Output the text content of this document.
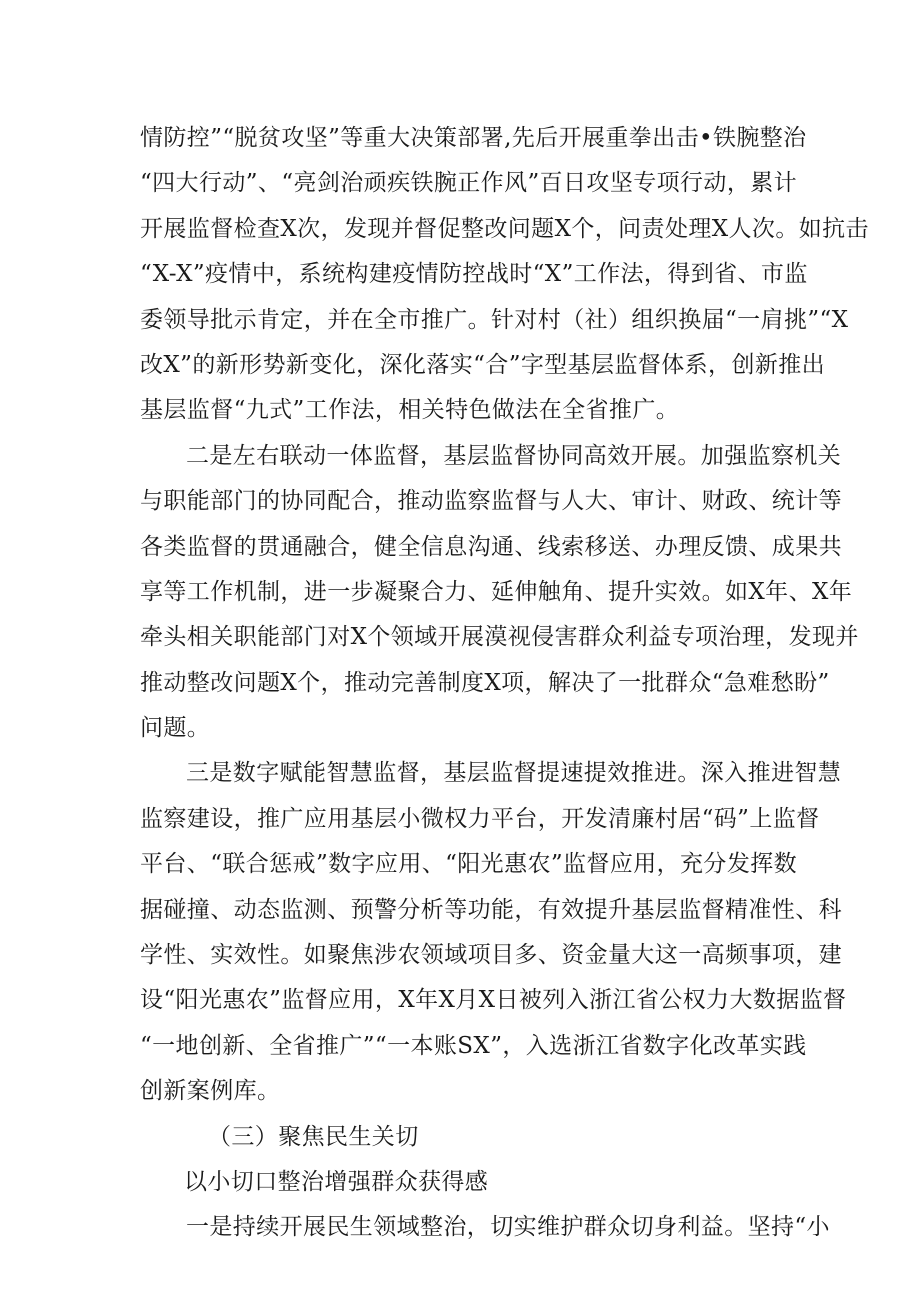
情防控”“脱贫攻坚”等重大决策部署,先后开展重拳出击•铁腕整治
“四大行动”、“亮剑治顽疾铁腕正作风”百日攻坚专项行动，累计
开展监督检查X次，发现并督促整改问题X个，问责处理X人次。如抗击
“X-X”疫情中，系统构建疫情防控战时“X”工作法，得到省、市监
委领导批示肯定，并在全市推广。针对村（社）组织换届“一肩挑”“X
改X”的新形势新变化，深化落实“合”字型基层监督体系，创新推出
基层监督“九式”工作法，相关特色做法在全省推广。
二是左右联动一体监督，基层监督协同高效开展。加强监察机关
与职能部门的协同配合，推动监察监督与人大、审计、财政、统计等
各类监督的贯通融合，健全信息沟通、线索移送、办理反馈、成果共
享等工作机制，进一步凝聚合力、延伸触角、提升实效。如X年、X年
牵头相关职能部门对X个领域开展漠视侵害群众利益专项治理，发现并
推动整改问题X个，推动完善制度X项，解决了一批群众“急难愁盼”
问题。
三是数字赋能智慧监督，基层监督提速提效推进。深入推进智慧
监察建设，推广应用基层小微权力平台，开发清廉村居“码”上监督
平台、“联合惩戒”数字应用、“阳光惠农”监督应用，充分发挥数
据碰撞、动态监测、预警分析等功能，有效提升基层监督精准性、科
学性、实效性。如聚焦涉农领域项目多、资金量大这一高频事项，建
设“阳光惠农”监督应用，X年X月X日被列入浙江省公权力大数据监督
“一地创新、全省推广”“一本账SX”，入选浙江省数字化改革实践
创新案例库。
（三）聚焦民生关切
以小切口整治增强群众获得感
一是持续开展民生领域整治，切实维护群众切身利益。坚持“小
